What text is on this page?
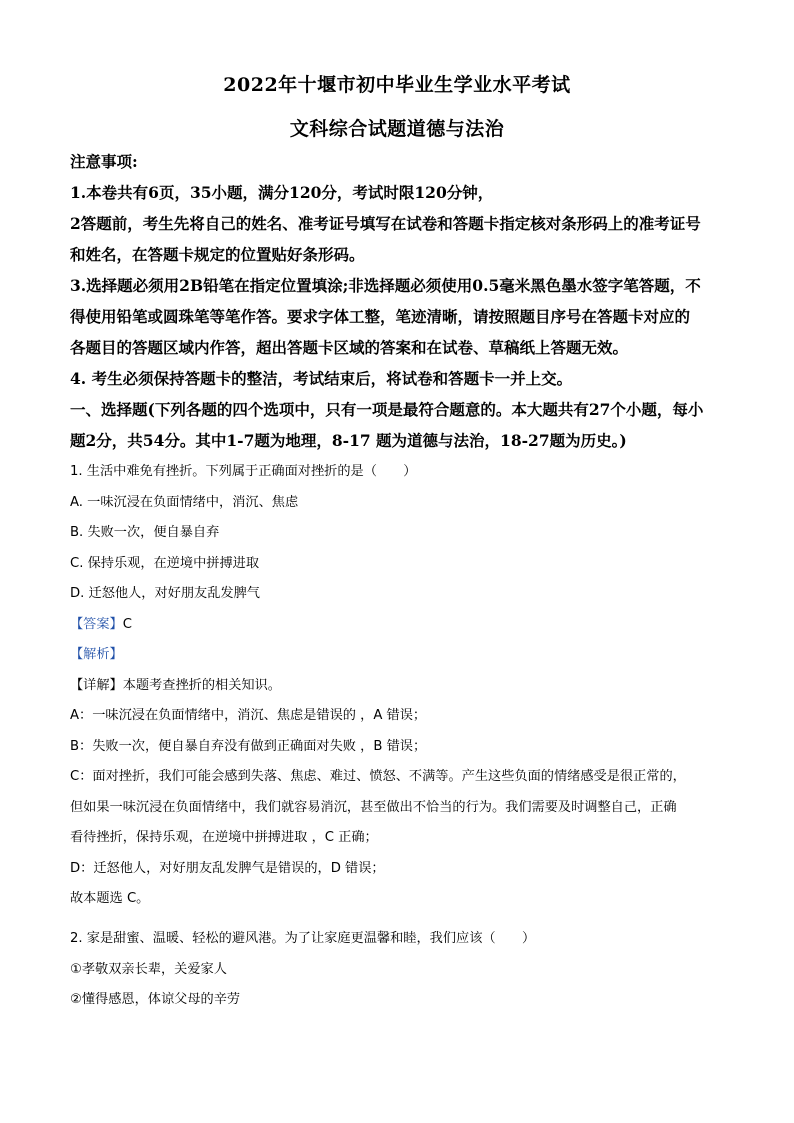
2022年十堰市初中毕业生学业水平考试
文科综合试题道德与法治
注意事项:
1.本卷共有6页，35小题，满分120分，考试时限120分钟，
2答题前，考生先将自己的姓名、准考证号填写在试卷和答题卡指定核对条形码上的准考证号
和姓名，在答题卡规定的位置贴好条形码。
3.选择题必须用2B铅笔在指定位置填涂;非选择题必须使用0.5毫米黑色墨水签字笔答题，不
得使用铅笔或圆珠笔等笔作答。要求字体工整，笔迹清晰，请按照题目序号在答题卡对应的
各题目的答题区域内作答，超出答题卡区域的答案和在试卷、草稿纸上答题无效。
4. 考生必须保持答题卡的整洁，考试结束后，将试卷和答题卡一并上交。
一、选择题(下列各题的四个选项中，只有一项是最符合题意的。本大题共有27个小题，每小
题2分，共54分。其中1-7题为地理，8-17 题为道德与法治，18-27题为历史。)
1. 生活中难免有挫折。下列属于正确面对挫折的是（　　）
A. 一味沉浸在负面情绪中，消沉、焦虑
B. 失败一次，便自暴自弃
C. 保持乐观，在逆境中拼搏进取
D. 迁怒他人，对好朋友乱发脾气
【答案】C
【解析】
【详解】本题考查挫折的相关知识。
A：一味沉浸在负面情绪中，消沉、焦虑是错误的 ，A 错误；
B：失败一次，便自暴自弃没有做到正确面对失败 ，B 错误；
C：面对挫折，我们可能会感到失落、焦虑、难过、愤怒、不满等。产生这些负面的情绪感受是很正常的，
但如果一味沉浸在负面情绪中，我们就容易消沉，甚至做出不恰当的行为。我们需要及时调整自己，正确
看待挫折，保持乐观，在逆境中拼搏进取 ，C 正确；
D：迁怒他人，对好朋友乱发脾气是错误的，D 错误；
故本题选 C。
2. 家是甜蜜、温暖、轻松的避风港。为了让家庭更温馨和睦，我们应该（　　）
①孝敬双亲长辈，关爱家人
②懂得感恩，体谅父母的辛劳
